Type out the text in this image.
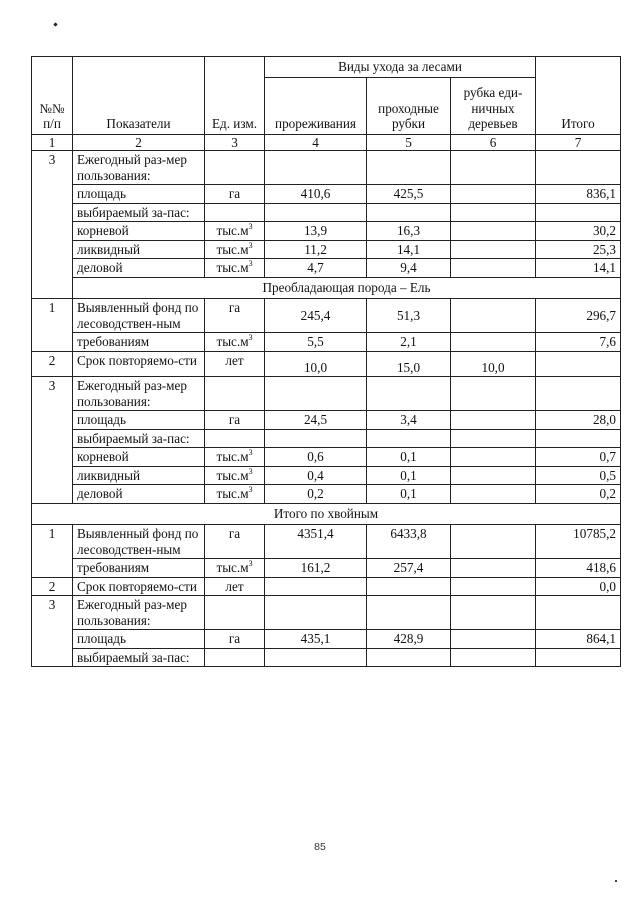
№№ п/п	Показатели	Ед. изм.	Виды ухода за лесами			Итого
			прореживания	проходные рубки	рубка еди-ничных деревьев	

1	2	3	4	5	6	7
3	Ежегодный раз-мер пользования:					
	площадь	га	410,6	425,5		836,1
	выбираемый за-пас:					
	корневой	$тыс.м^3$	13,9	16,3		30,2
	ликвидный	$тыс.м^3$	11,2	14,1		25,3
	деловой	$тыс.м^3$	4,7	9,4		14,1
	Преобладающая порода – Ель					
1	Выявленный фонд по лесоводствен-ным	га	245,4	51,3		296,7
	требованиям	$тыс.м^3$	5,5	2,1		7,6
2	Срок повторяемо-сти	лет	10,0	15,0	10,0	
3	Ежегодный раз-мер пользования:					
	площадь	га	24,5	3,4		28,0
	выбираемый за-пас:					
	корневой	$тыс.м^3$	0,6	0,1		0,7
	ликвидный	$тыс.м^3$	0,4	0,1		0,5
	деловой	$тыс.м^3$	0,2	0,1		0,2
Итого по хвойным						
1	Выявленный фонд по лесоводствен-ным	га	4351,4	6433,8		10785,2
	требованиям	$тыс.м^3$	161,2	257,4		418,6
2	Срок повторяемо-сти	лет				0,0
3	Ежегодный раз-мер пользования:					
	площадь	га	435,1	428,9		864,1
	выбираемый за-пас:					
85
